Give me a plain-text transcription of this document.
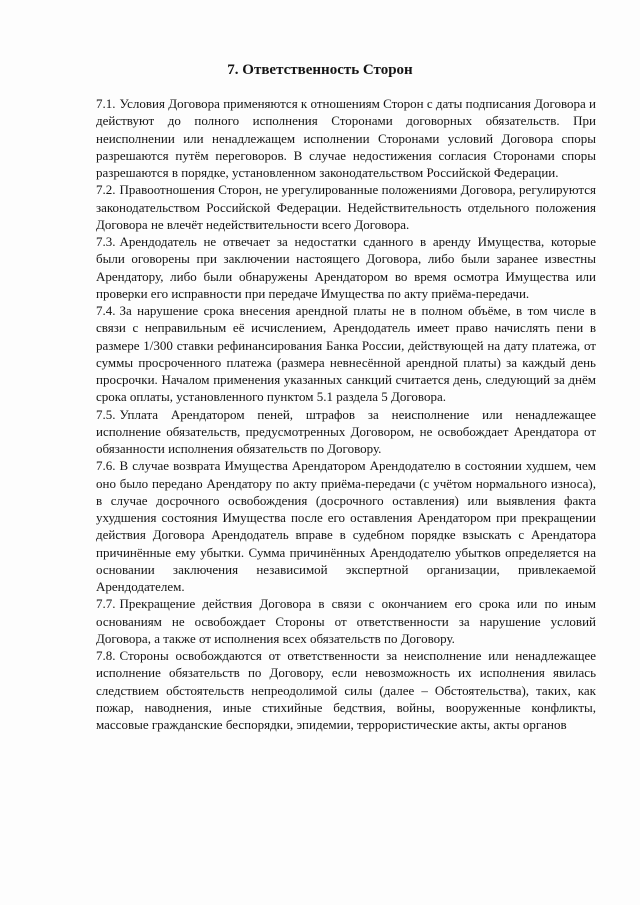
7. Ответственность Сторон

7.1. Условия Договора применяются к отношениям Сторон с даты подписания Договора и действуют до полного исполнения Сторонами договорных обязательств. При неисполнении или ненадлежащем исполнении Сторонами условий Договора споры разрешаются путём переговоров. В случае недостижения согласия Сторонами споры разрешаются в порядке, установленном законодательством Российской Федерации.

7.2. Правоотношения Сторон, не урегулированные положениями Договора, регулируются законодательством Российской Федерации. Недействительность отдельного положения Договора не влечёт недействительности всего Договора.

7.3. Арендодатель не отвечает за недостатки сданного в аренду Имущества, которые были оговорены при заключении настоящего Договора, либо были заранее известны Арендатору, либо были обнаружены Арендатором во время осмотра Имущества или проверки его исправности при передаче Имущества по акту приёма-передачи.

7.4. За нарушение срока внесения арендной платы не в полном объёме, в том числе в связи с неправильным её исчислением, Арендодатель имеет право начислять пени в размере 1/300 ставки рефинансирования Банка России, действующей на дату платежа, от суммы просроченного платежа (размера невнесённой арендной платы) за каждый день просрочки. Началом применения указанных санкций считается день, следующий за днём срока оплаты, установленного пунктом 5.1 раздела 5 Договора.

7.5. Уплата Арендатором пеней, штрафов за неисполнение или ненадлежащее исполнение обязательств, предусмотренных Договором, не освобождает Арендатора от обязанности исполнения обязательств по Договору.

7.6. В случае возврата Имущества Арендатором Арендодателю в состоянии худшем, чем оно было передано Арендатору по акту приёма-передачи (с учётом нормального износа), в случае досрочного освобождения (досрочного оставления) или выявления факта ухудшения состояния Имущества после его оставления Арендатором при прекращении действия Договора Арендодатель вправе в судебном порядке взыскать с Арендатора причинённые ему убытки. Сумма причинённых Арендодателю убытков определяется на основании заключения независимой экспертной организации, привлекаемой Арендодателем.

7.7. Прекращение действия Договора в связи с окончанием его срока или по иным основаниям не освобождает Стороны от ответственности за нарушение условий Договора, а также от исполнения всех обязательств по Договору.

7.8. Стороны освобождаются от ответственности за неисполнение или ненадлежащее исполнение обязательств по Договору, если невозможность их исполнения явилась следствием обстоятельств непреодолимой силы (далее – Обстоятельства), таких, как пожар, наводнения, иные стихийные бедствия, войны, вооруженные конфликты, массовые гражданские беспорядки, эпидемии, террористические акты, акты органов
